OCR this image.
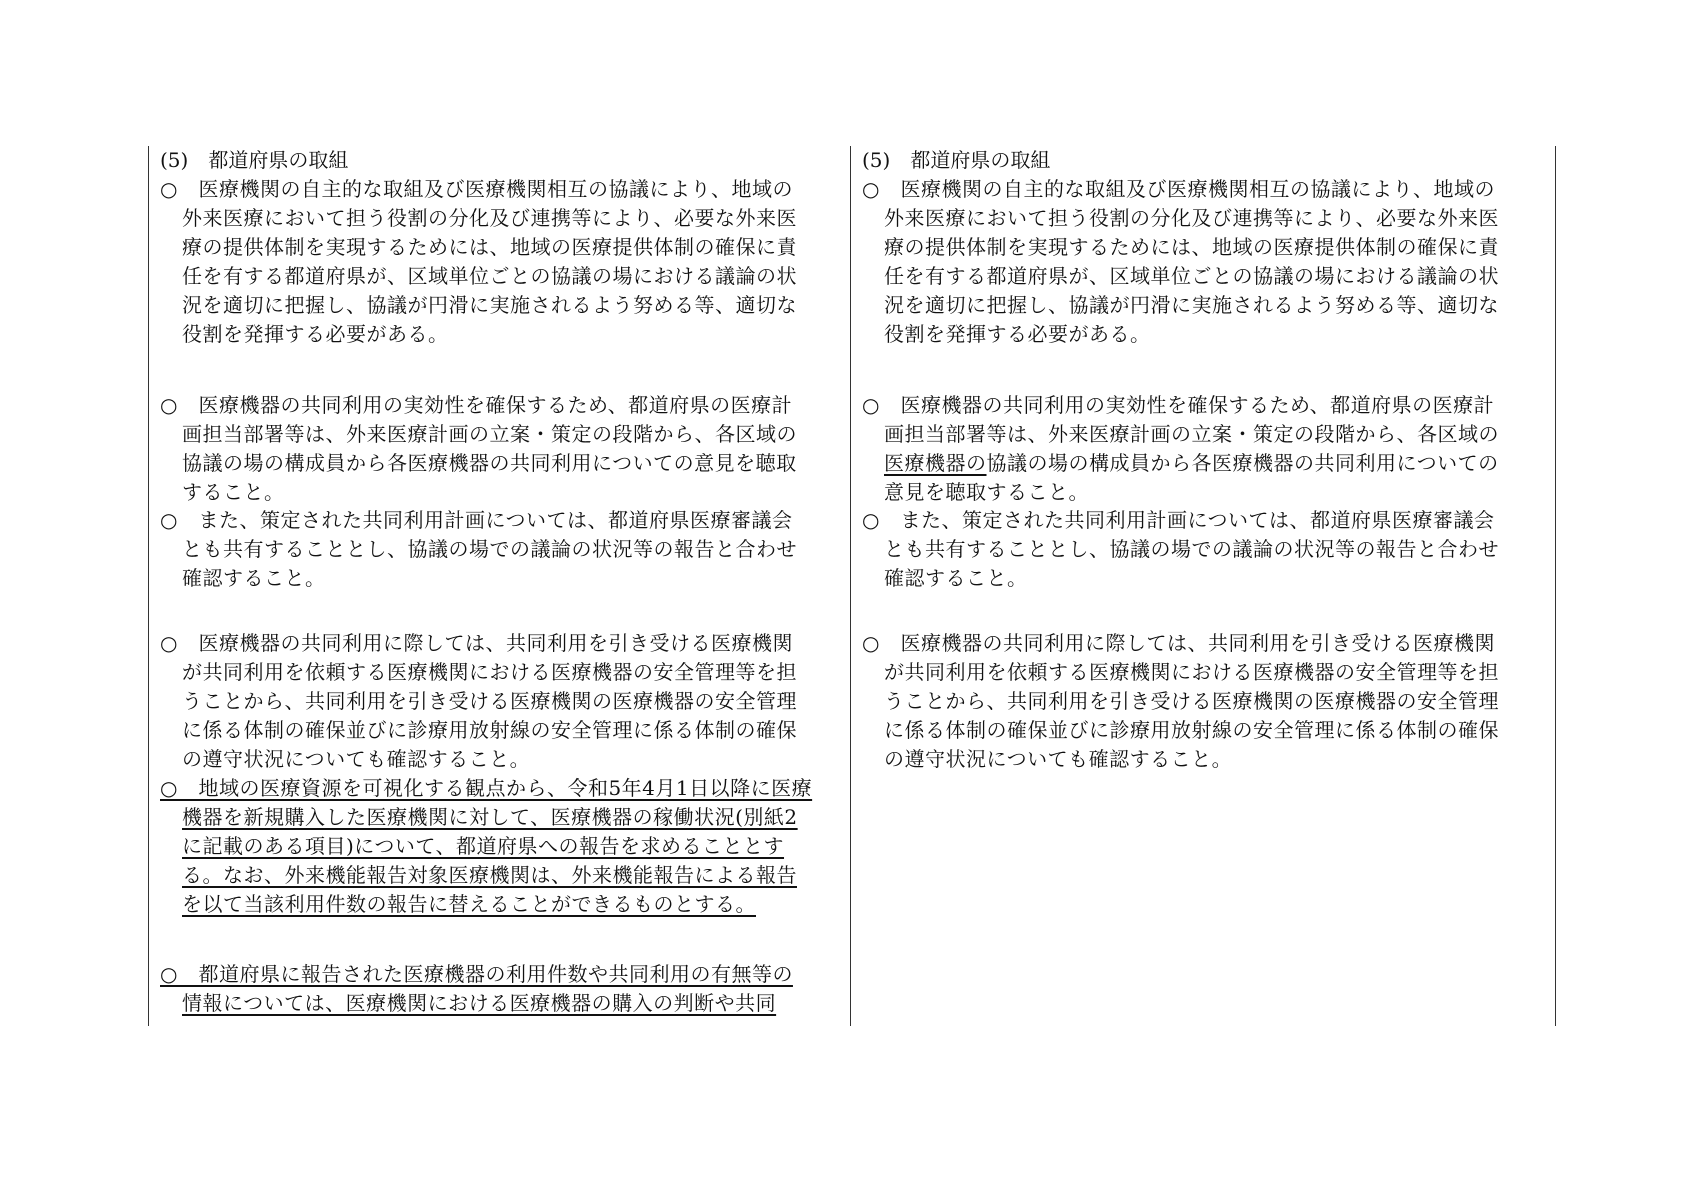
(5)　都道府県の取組
○　医療機関の自主的な取組及び医療機関相互の協議により、地域の
外来医療において担う役割の分化及び連携等により、必要な外来医
療の提供体制を実現するためには、地域の医療提供体制の確保に責
任を有する都道府県が、区域単位ごとの協議の場における議論の状
況を適切に把握し、協議が円滑に実施されるよう努める等、適切な
役割を発揮する必要がある。
○　医療機器の共同利用の実効性を確保するため、都道府県の医療計
画担当部署等は、外来医療計画の立案・策定の段階から、各区域の
協議の場の構成員から各医療機器の共同利用についての意見を聴取
すること。
○　また、策定された共同利用計画については、都道府県医療審議会
とも共有することとし、協議の場での議論の状況等の報告と合わせ
確認すること。
○　医療機器の共同利用に際しては、共同利用を引き受ける医療機関
が共同利用を依頼する医療機関における医療機器の安全管理等を担
うことから、共同利用を引き受ける医療機関の医療機器の安全管理
に係る体制の確保並びに診療用放射線の安全管理に係る体制の確保
の遵守状況についても確認すること。
○　地域の医療資源を可視化する観点から、令和5年4月1日以降に医療
機器を新規購入した医療機関に対して、医療機器の稼働状況(別紙2
に記載のある項目)について、都道府県への報告を求めることとす
る。なお、外来機能報告対象医療機関は、外来機能報告による報告
を以て当該利用件数の報告に替えることができるものとする。
○　都道府県に報告された医療機器の利用件数や共同利用の有無等の
情報については、医療機関における医療機器の購入の判断や共同
(5)　都道府県の取組
○　医療機関の自主的な取組及び医療機関相互の協議により、地域の
外来医療において担う役割の分化及び連携等により、必要な外来医
療の提供体制を実現するためには、地域の医療提供体制の確保に責
任を有する都道府県が、区域単位ごとの協議の場における議論の状
況を適切に把握し、協議が円滑に実施されるよう努める等、適切な
役割を発揮する必要がある。
○　医療機器の共同利用の実効性を確保するため、都道府県の医療計
画担当部署等は、外来医療計画の立案・策定の段階から、各区域の
医療機器の協議の場の構成員から各医療機器の共同利用についての
意見を聴取すること。
○　また、策定された共同利用計画については、都道府県医療審議会
とも共有することとし、協議の場での議論の状況等の報告と合わせ
確認すること。
○　医療機器の共同利用に際しては、共同利用を引き受ける医療機関
が共同利用を依頼する医療機関における医療機器の安全管理等を担
うことから、共同利用を引き受ける医療機関の医療機器の安全管理
に係る体制の確保並びに診療用放射線の安全管理に係る体制の確保
の遵守状況についても確認すること。
